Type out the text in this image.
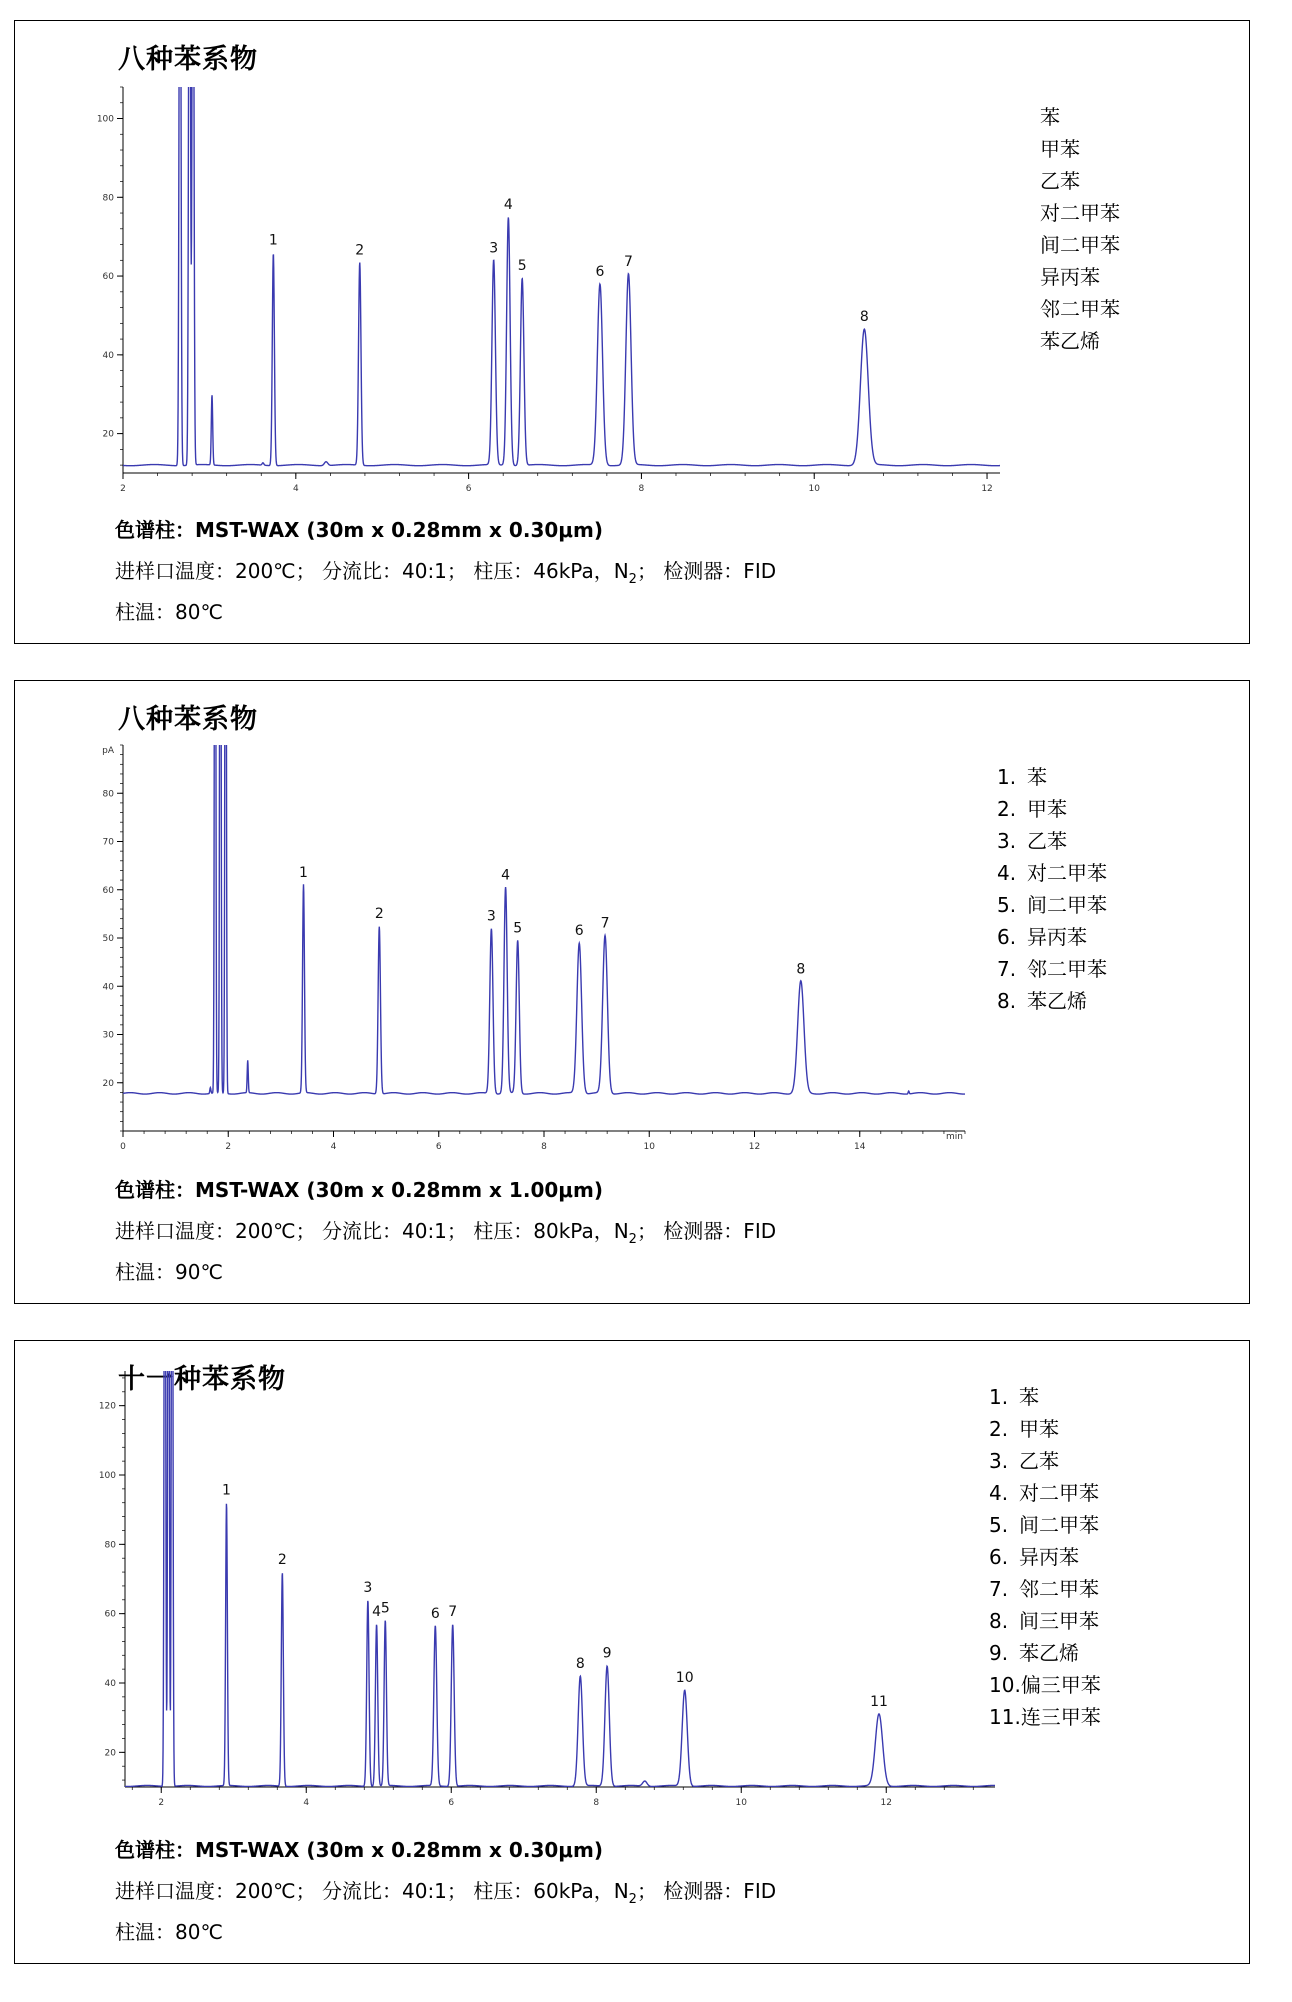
八种苯系物
2	4	6	8	10	12
20
40
60
80
100
1
2	3
4
5	6
7
8
苯
甲苯
乙苯
对二甲苯
间二甲苯
异丙苯
邻二甲苯
苯乙烯
色谱柱：MST-WAX (30m x 0.28mm x 0.30μm)
进样口温度：200℃； 分流比：40:1； 柱压：46kPa，$N_2$； 检测器：FID
柱温：80℃
八种苯系物
0	2	4	6	8	10	12	14
20
30
40
50
60
70
80
pA
min
1
2	3
4
5	6 7
8
1. 苯
2. 甲苯
3. 乙苯
4. 对二甲苯
5. 间二甲苯
6. 异丙苯
7. 邻二甲苯
8. 苯乙烯
色谱柱：MST-WAX (30m x 0.28mm x 1.00μm)
进样口温度：200℃； 分流比：40:1； 柱压：80kPa，$N_2$； 检测器：FID
柱温：90℃
十一种苯系物
2	4	6	8	10	12
20
40
60
80
100
120
1
2
3
4 5	6 7
8
9
10
11
1. 苯
2. 甲苯
3. 乙苯
4. 对二甲苯
5. 间二甲苯
6. 异丙苯
7. 邻二甲苯
8. 间三甲苯
9. 苯乙烯
10.偏三甲苯
11.连三甲苯
色谱柱：MST-WAX (30m x 0.28mm x 0.30μm)
进样口温度：200℃； 分流比：40:1； 柱压：60kPa，$N_2$； 检测器：FID
柱温：80℃
